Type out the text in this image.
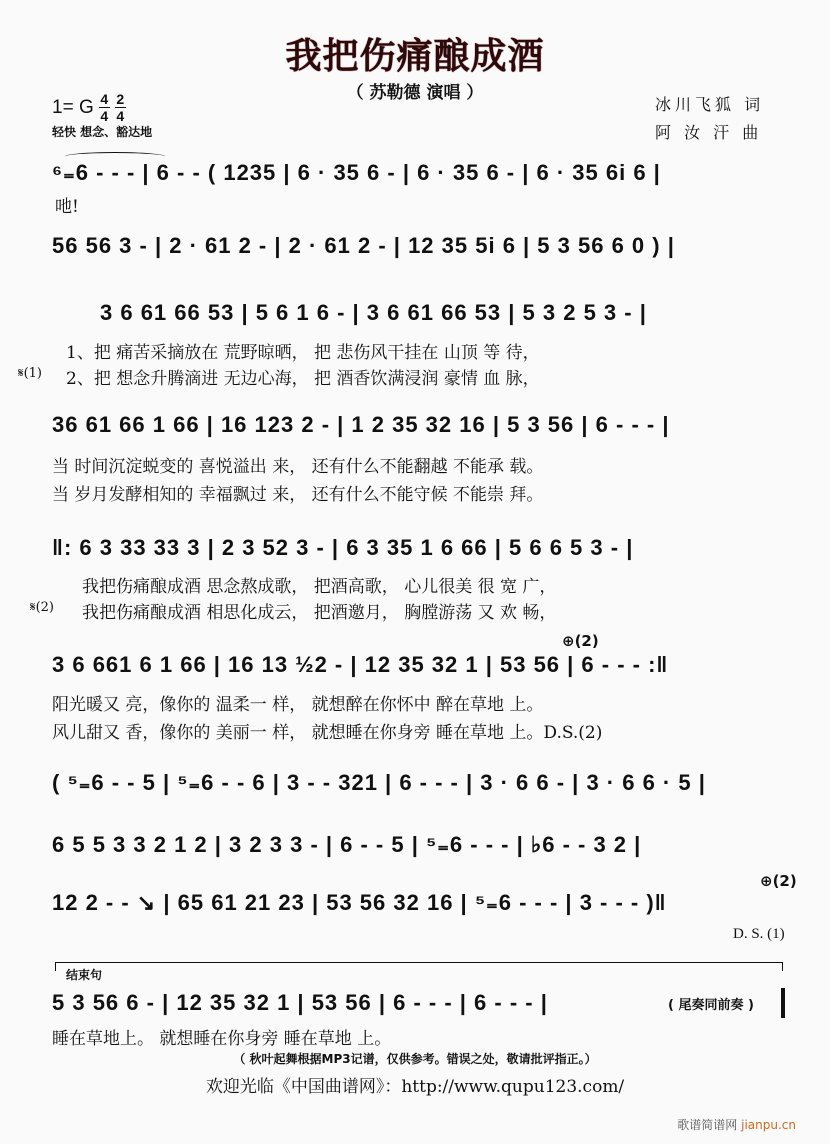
我把伤痛酿成酒
（ 苏勒德 演唱 ）
1= G $\frac{4}{4} \frac{2}{4}$
轻快 想念、豁达地
冰川飞狐 词
阿 汝 汗 曲
⁶₌6 - - - | 6 - - ( 1235 | 6 · 35 6 - | 6 · 35 6 - | 6 · 35 6i 6 |
吔!
56 56 3 - | 2 · 61 2 - | 2 · 61 2 - | 12 35 5i 6 | 5 3 56 6 0 ) |
3 6 61 66 53 | 5 6 1 6 - | 3 6 61 66 53 | 5 3 2 5 3 - |
1、把 痛苦采摘放在 荒野晾晒， 把 悲伤风干挂在 山顶 等 待，
𝄋(1) 2、把 想念升腾滴进 无边心海， 把 酒香饮满浸润 豪情 血 脉，
36 61 66 1 66 | 16 123 2 - | 1 2 35 32 16 | 5 3 56 | 6 - - - |
当 时间沉淀蜕变的 喜悦溢出 来， 还有什么不能翻越 不能承 载。
当 岁月发酵相知的 幸福飘过 来， 还有什么不能守候 不能崇 拜。
‖: 6 3 33 33 3 | 2 3 52 3 - | 6 3 35 1 6 66 | 5 6 6 5 3 - |
我把伤痛酿成酒 思念熬成歌， 把酒高歌， 心儿很美 很 宽 广，
𝄋(2) 我把伤痛酿成酒 相思化成云， 把酒邀月， 胸膛游荡 又 欢 畅，
⊕(2)
3 6 661 6 1 66 | 16 13 ½2 - | 12 35 32 1 | 53 56 | 6 - - - :‖
阳光暖又 亮，像你的 温柔一 样， 就想醉在你怀中 醉在草地 上。
风儿甜又 香，像你的 美丽一 样， 就想睡在你身旁 睡在草地 上。D.S.(2)
( ⁵₌6 - - 5 | ⁵₌6 - - 6 | 3 - - 321 | 6 - - - | 3 · 6 6 - | 3 · 6 6 · 5 |
6 5 5 3 3 2 1 2 | 3 2 3 3 - | 6 - - 5 | ⁵₌6 - - - | ♭6 - - 3 2 |
⊕(2)
12 2 - - ↘ | 65 61 21 23 | 53 56 32 16 | ⁵₌6 - - - | 3 - - - )‖
D. S. (1)
结束句
5 3 56 6 - | 12 35 32 1 | 53 56 | 6 - - - | 6 - - - |	( 尾奏同前奏 )
睡在草地上。 就想睡在你身旁 睡在草地 上。
（ 秋叶起舞根据MP3记谱，仅供参考。错误之处，敬请批评指正。）
欢迎光临《中国曲谱网》：http://www.qupu123.com/
歌谱简谱网 jianpu.cn
